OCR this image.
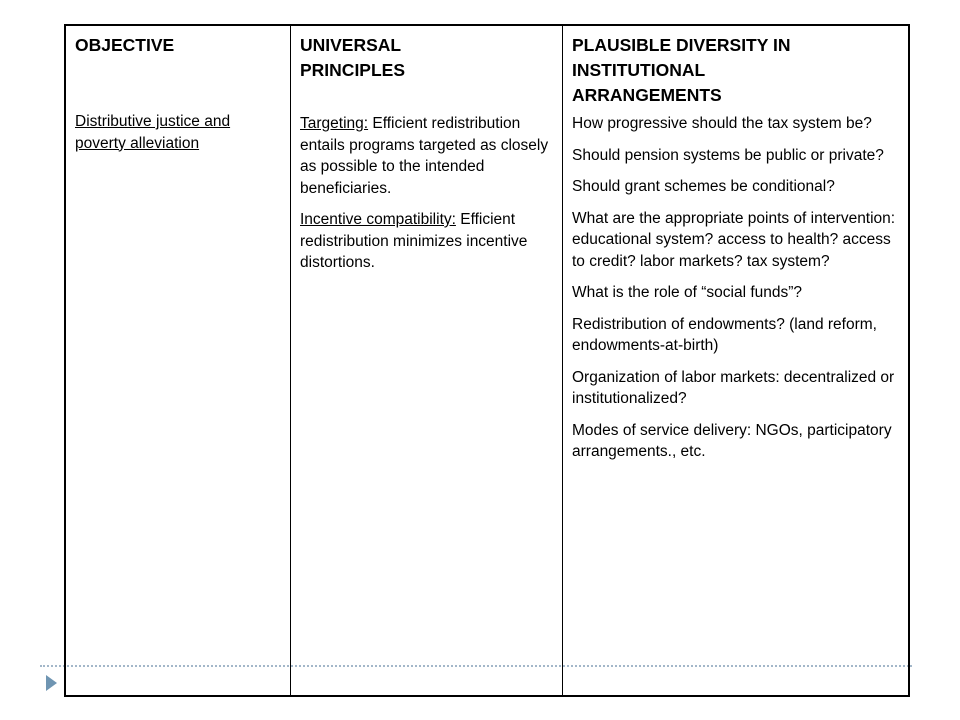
OBJECTIVE

Distributive justice and poverty alleviation

UNIVERSAL
PRINCIPLES

Targeting: Efficient redistribution entails programs targeted as closely as possible to the intended beneficiaries.

Incentive compatibility: Efficient redistribution minimizes incentive distortions.

PLAUSIBLE DIVERSITY IN
INSTITUTIONAL
ARRANGEMENTS

How progressive should the tax system be?

Should pension systems be public or private?

Should grant schemes be conditional?

What are the appropriate points of intervention: educational system? access to health? access to credit? labor markets? tax system?

What is the role of “social funds”?

Redistribution of endowments? (land reform, endowments-at-birth)

Organization of labor markets: decentralized or institutionalized?

Modes of service delivery: NGOs, participatory arrangements., etc.
